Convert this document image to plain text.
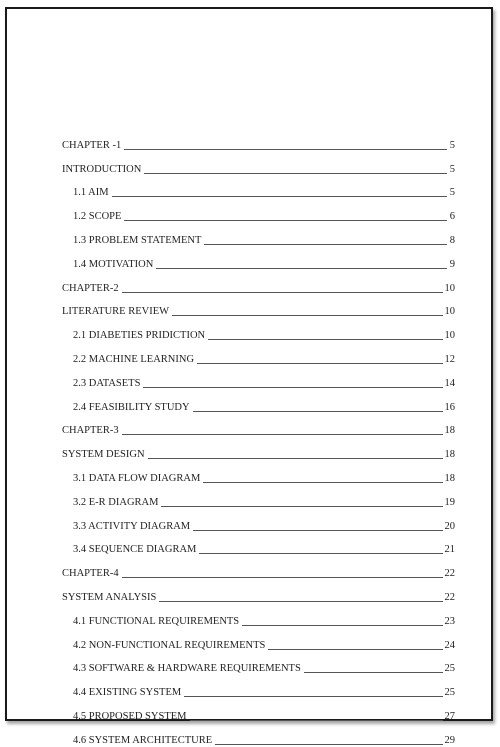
CHAPTER -1	5
INTRODUCTION	5
1.1 AIM	5
1.2 SCOPE	6
1.3 PROBLEM STATEMENT	8
1.4 MOTIVATION	9
CHAPTER-2	10
LITERATURE REVIEW	10
2.1 DIABETIES PRIDICTION	10
2.2 MACHINE LEARNING	12
2.3 DATASETS	14
2.4 FEASIBILITY STUDY	16
CHAPTER-3	18
SYSTEM DESIGN	18
3.1 DATA FLOW DIAGRAM	18
3.2 E-R DIAGRAM	19
3.3 ACTIVITY DIAGRAM	20
3.4 SEQUENCE DIAGRAM	21
CHAPTER-4	22
SYSTEM ANALYSIS	22
4.1 FUNCTIONAL REQUIREMENTS	23
4.2 NON-FUNCTIONAL REQUIREMENTS	24
4.3 SOFTWARE & HARDWARE REQUIREMENTS	25
4.4 EXISTING SYSTEM	25
4.5 PROPOSED SYSTEM	27
4.6 SYSTEM ARCHITECTURE	29
